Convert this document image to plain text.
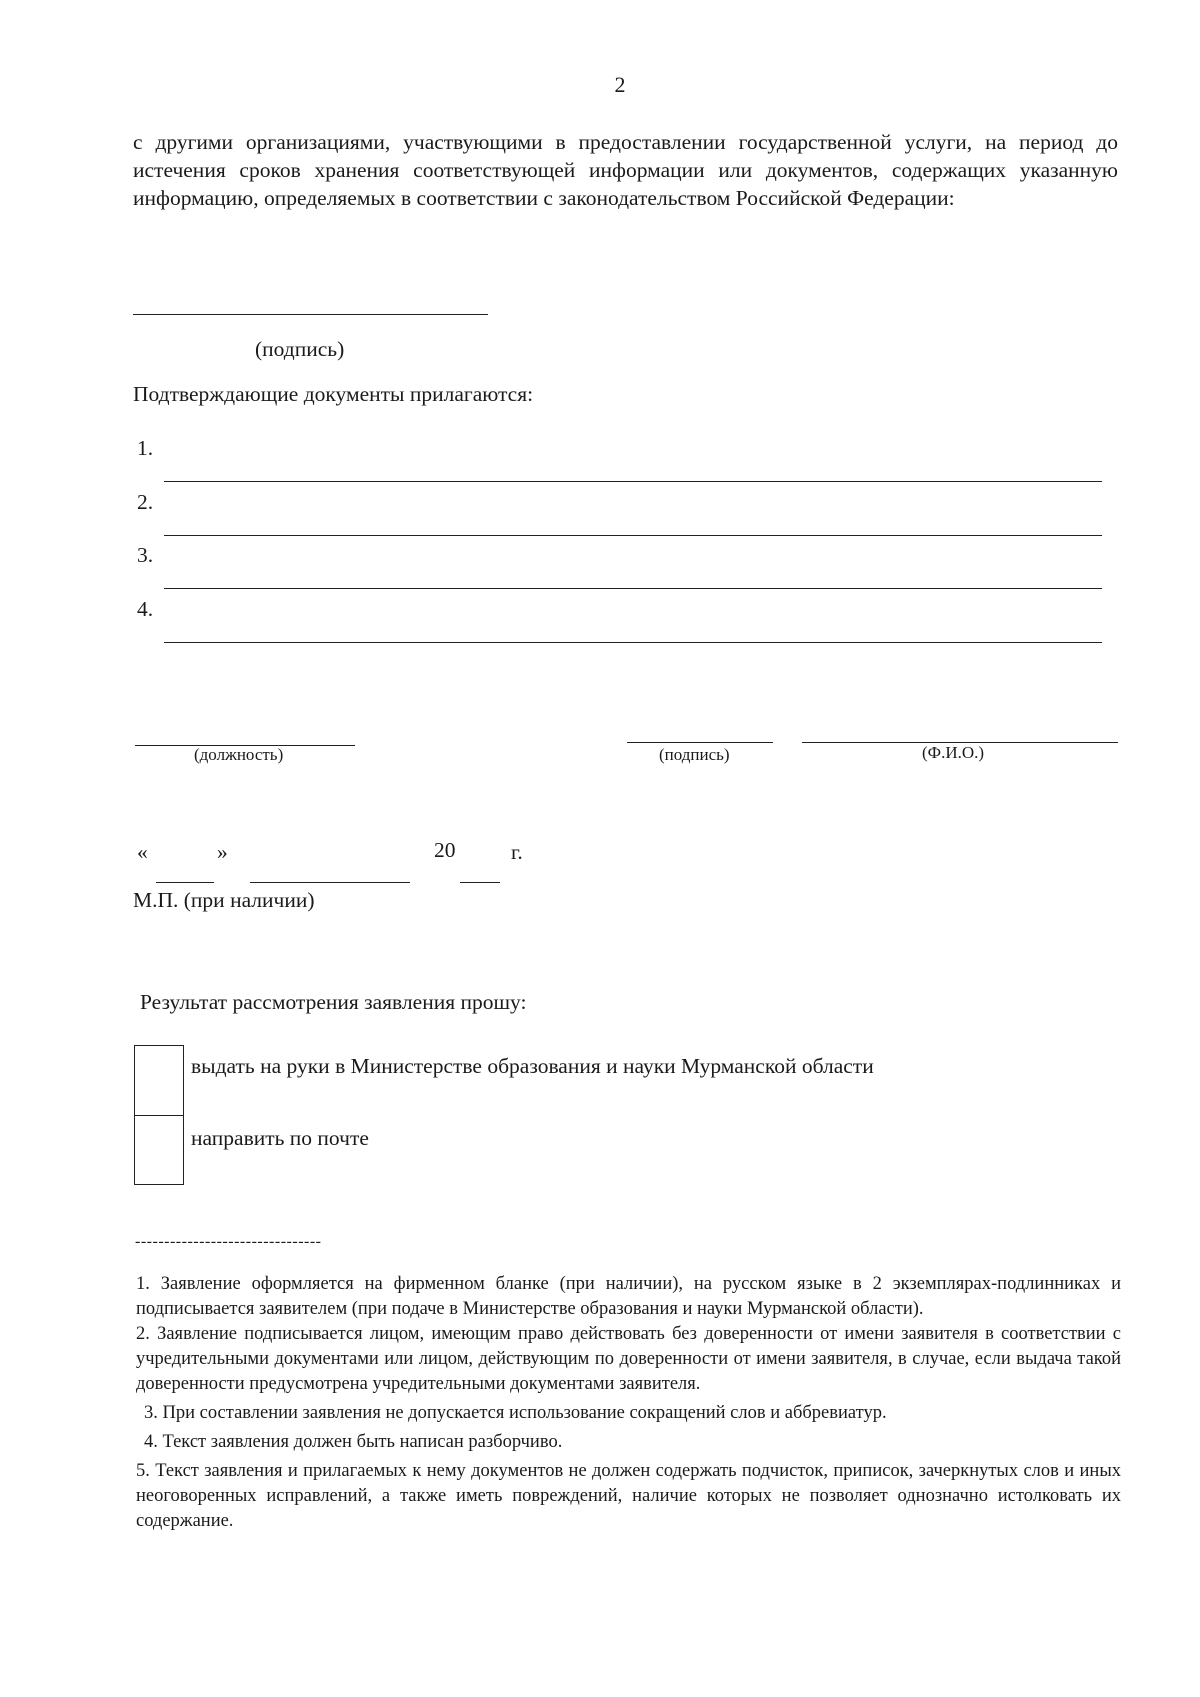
2
с другими организациями, участвующими в предоставлении государственной услуги, на период до истечения сроков хранения соответствующей информации или документов, содержащих указанную информацию, определяемых в соответствии с законодательством Российской Федерации:
(подпись)
Подтверждающие документы прилагаются:
1.
2.
3.
4.
(должность)	(подпись)	(Ф.И.О.)
«	»	20	г.
М.П. (при наличии)
Результат рассмотрения заявления прошу:
выдать на руки в Министерстве образования и науки Мурманской области
направить по почте
--------------------------------

1. Заявление оформляется на фирменном бланке (при наличии), на русском языке в 2 экземплярах-подлинниках и подписывается заявителем (при подаче в Министерстве образования и науки Мурманской области).

2. Заявление подписывается лицом, имеющим право действовать без доверенности от имени заявителя в соответствии с учредительными документами или лицом, действующим по доверенности от имени заявителя, в случае, если выдача такой доверенности предусмотрена учредительными документами заявителя.

3. При составлении заявления не допускается использование сокращений слов и аббревиатур.

4. Текст заявления должен быть написан разборчиво.

5. Текст заявления и прилагаемых к нему документов не должен содержать подчисток, приписок, зачеркнутых слов и иных неоговоренных исправлений, а также иметь повреждений, наличие которых не позволяет однозначно истолковать их содержание.
